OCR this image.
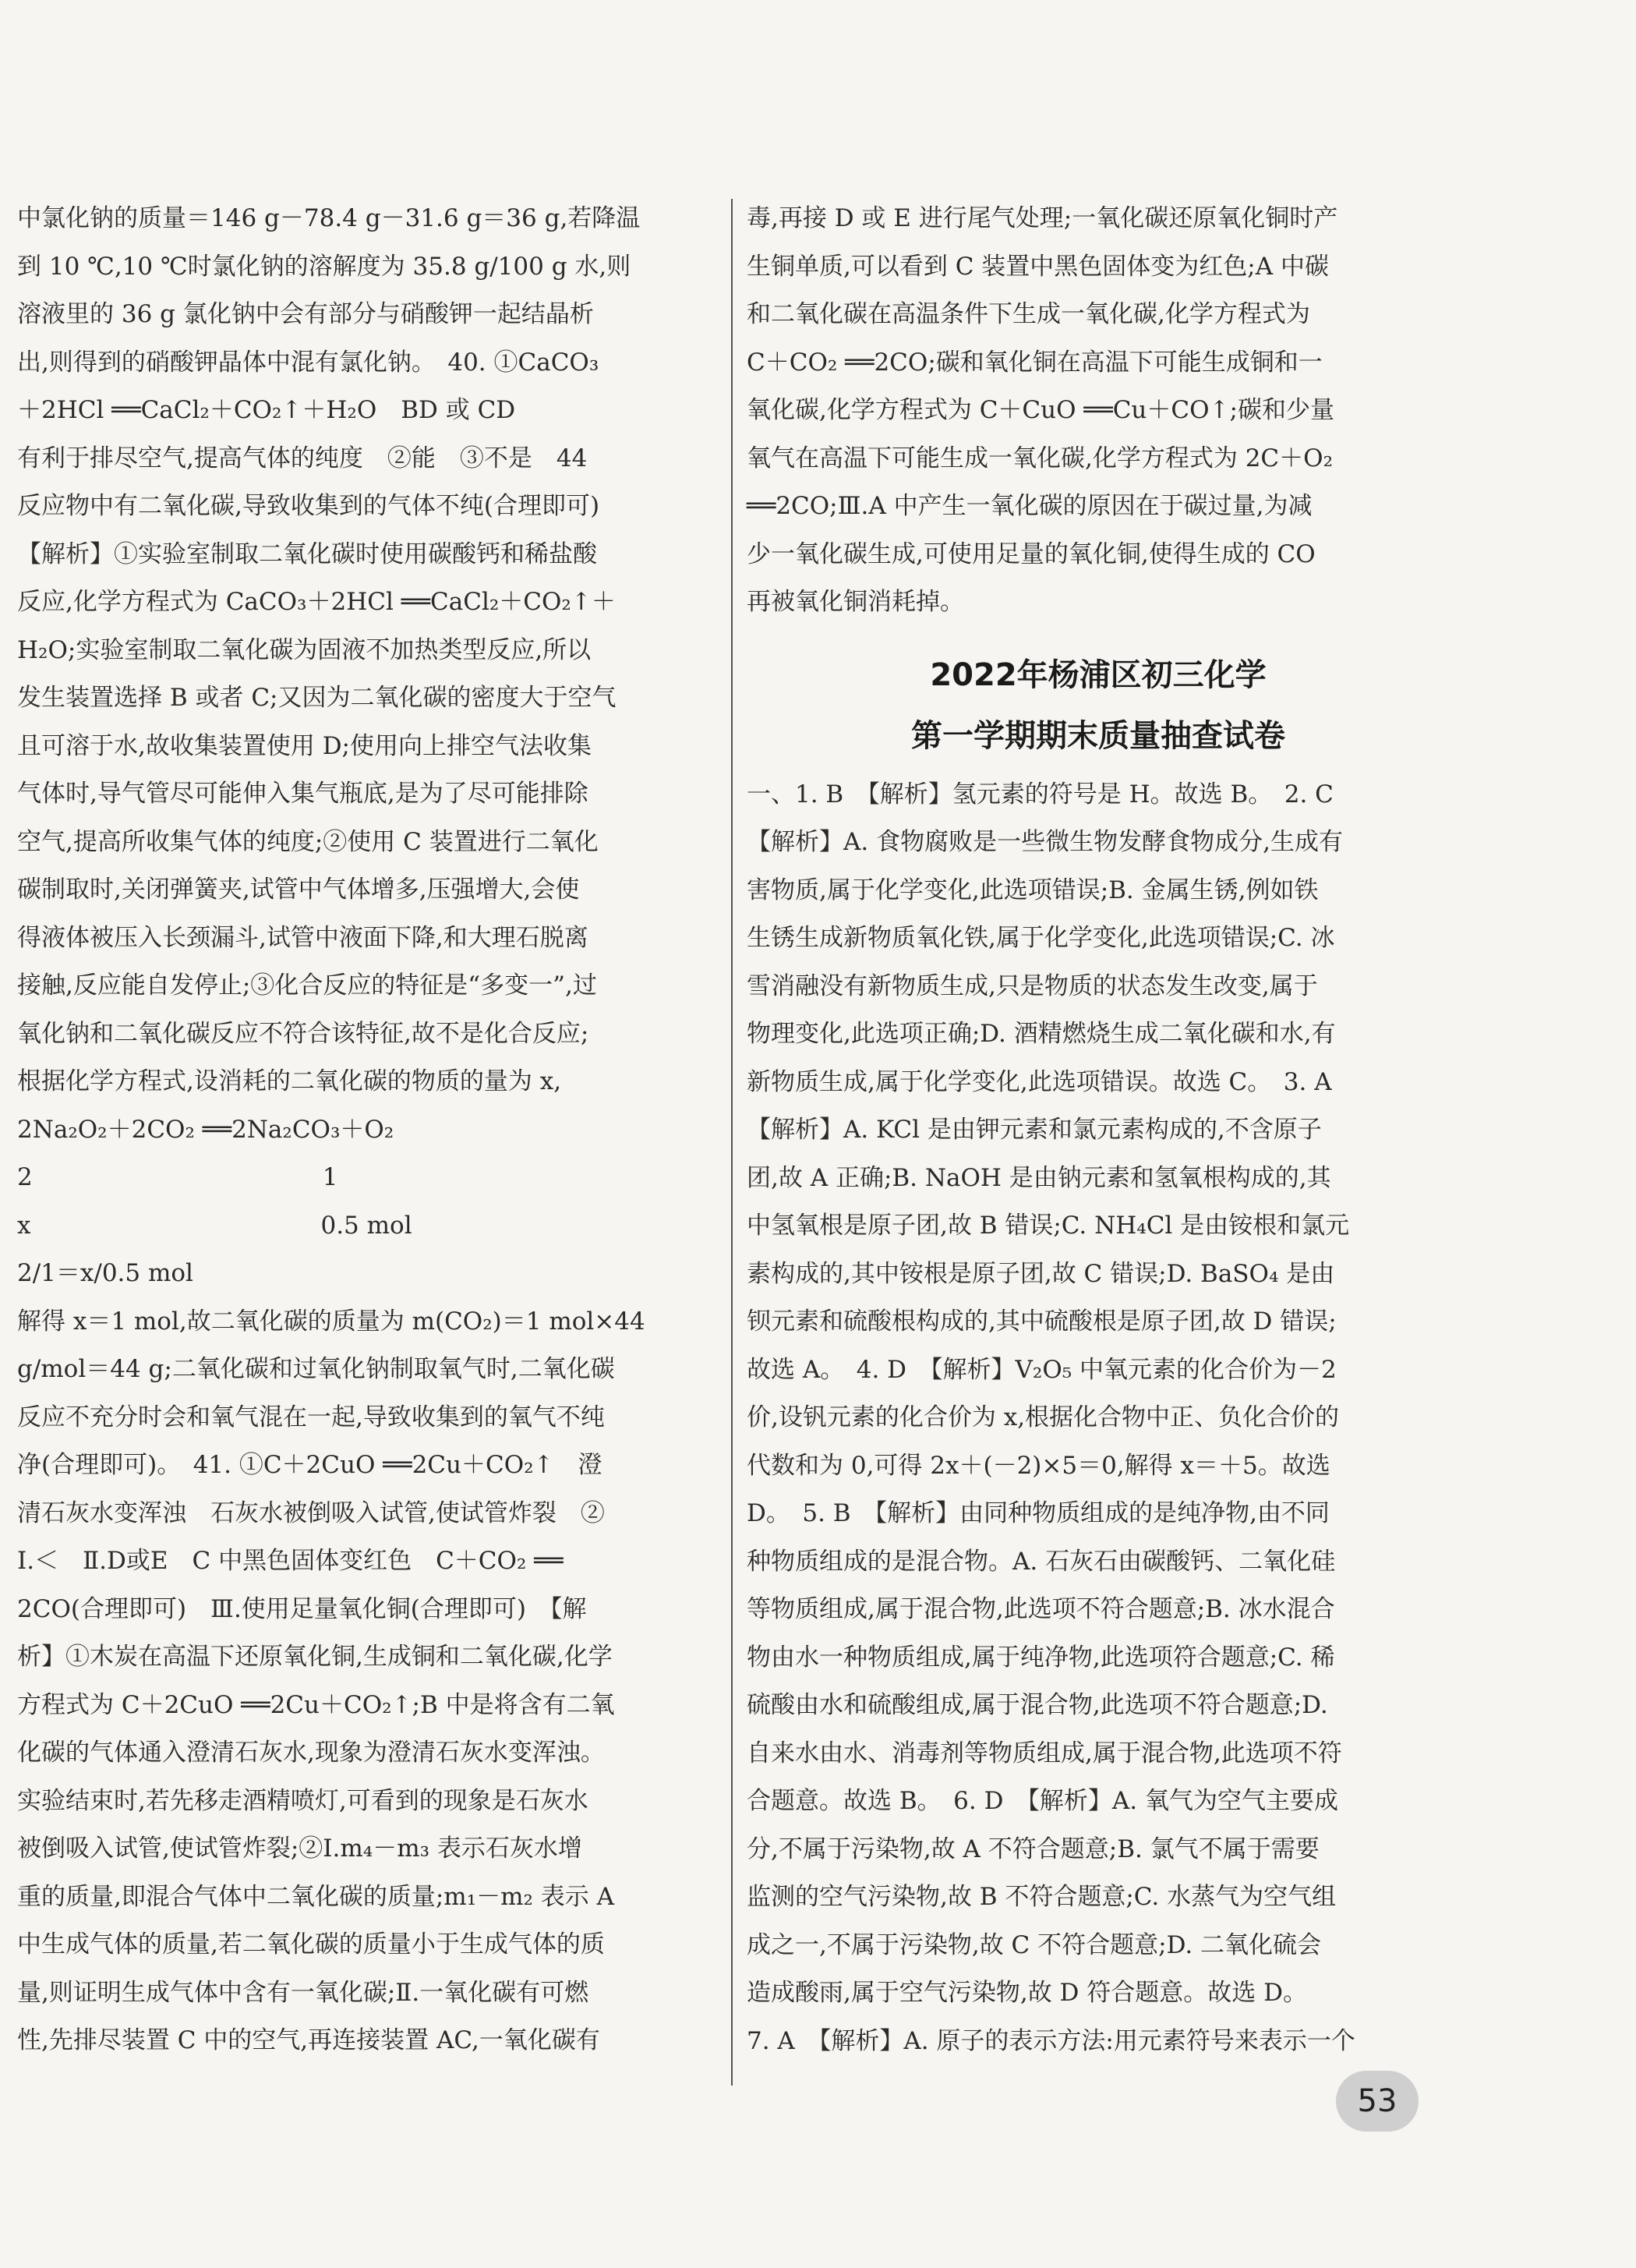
中氯化钠的质量＝146 g－78.4 g－31.6 g＝36 g,若降温
到 10 ℃,10 ℃时氯化钠的溶解度为 35.8 g/100 g 水,则
溶液里的 36 g 氯化钠中会有部分与硝酸钾一起结晶析
出,则得到的硝酸钾晶体中混有氯化钠。　40. ①CaCO₃
＋2HCl ══CaCl₂＋CO₂↑＋H₂O　BD 或 CD
有利于排尽空气,提高气体的纯度　②能　③不是　44
反应物中有二氧化碳,导致收集到的气体不纯(合理即可)
【解析】①实验室制取二氧化碳时使用碳酸钙和稀盐酸
反应,化学方程式为 CaCO₃＋2HCl ══CaCl₂＋CO₂↑＋
H₂O;实验室制取二氧化碳为固液不加热类型反应,所以
发生装置选择 B 或者 C;又因为二氧化碳的密度大于空气
且可溶于水,故收集装置使用 D;使用向上排空气法收集
气体时,导气管尽可能伸入集气瓶底,是为了尽可能排除
空气,提高所收集气体的纯度;②使用 C 装置进行二氧化
碳制取时,关闭弹簧夹,试管中气体增多,压强增大,会使
得液体被压入长颈漏斗,试管中液面下降,和大理石脱离
接触,反应能自发停止;③化合反应的特征是“多变一”,过
氧化钠和二氧化碳反应不符合该特征,故不是化合反应;
根据化学方程式,设消耗的二氧化碳的物质的量为 x,
2Na₂O₂＋2CO₂ ══2Na₂CO₃＋O₂
2　　　　　　　　　　　　1
x　　　　　　　　　　　　0.5 mol
2/1＝x/0.5 mol
解得 x＝1 mol,故二氧化碳的质量为 m(CO₂)＝1 mol×44
g/mol＝44 g;二氧化碳和过氧化钠制取氧气时,二氧化碳
反应不充分时会和氧气混在一起,导致收集到的氧气不纯
净(合理即可)。　41. ①C＋2CuO ══2Cu＋CO₂↑　澄
清石灰水变浑浊　石灰水被倒吸入试管,使试管炸裂　②
Ⅰ.＜　Ⅱ.D或E　C 中黑色固体变红色　C＋CO₂ ══
2CO(合理即可)　Ⅲ.使用足量氧化铜(合理即可)　【解
析】①木炭在高温下还原氧化铜,生成铜和二氧化碳,化学
方程式为 C＋2CuO ══2Cu＋CO₂↑;B 中是将含有二氧
化碳的气体通入澄清石灰水,现象为澄清石灰水变浑浊。
实验结束时,若先移走酒精喷灯,可看到的现象是石灰水
被倒吸入试管,使试管炸裂;②Ⅰ.m₄－m₃ 表示石灰水增
重的质量,即混合气体中二氧化碳的质量;m₁－m₂ 表示 A
中生成气体的质量,若二氧化碳的质量小于生成气体的质
量,则证明生成气体中含有一氧化碳;Ⅱ.一氧化碳有可燃
性,先排尽装置 C 中的空气,再连接装置 AC,一氧化碳有
毒,再接 D 或 E 进行尾气处理;一氧化碳还原氧化铜时产
生铜单质,可以看到 C 装置中黑色固体变为红色;A 中碳
和二氧化碳在高温条件下生成一氧化碳,化学方程式为
C＋CO₂ ══2CO;碳和氧化铜在高温下可能生成铜和一
氧化碳,化学方程式为 C＋CuO ══Cu＋CO↑;碳和少量
氧气在高温下可能生成一氧化碳,化学方程式为 2C＋O₂
══2CO;Ⅲ.A 中产生一氧化碳的原因在于碳过量,为减
少一氧化碳生成,可使用足量的氧化铜,使得生成的 CO
再被氧化铜消耗掉。
2022年杨浦区初三化学
第一学期期末质量抽查试卷
一、1. B　【解析】氢元素的符号是 H。故选 B。　2. C
【解析】A. 食物腐败是一些微生物发酵食物成分,生成有
害物质,属于化学变化,此选项错误;B. 金属生锈,例如铁
生锈生成新物质氧化铁,属于化学变化,此选项错误;C. 冰
雪消融没有新物质生成,只是物质的状态发生改变,属于
物理变化,此选项正确;D. 酒精燃烧生成二氧化碳和水,有
新物质生成,属于化学变化,此选项错误。故选 C。　3. A
【解析】A. KCl 是由钾元素和氯元素构成的,不含原子
团,故 A 正确;B. NaOH 是由钠元素和氢氧根构成的,其
中氢氧根是原子团,故 B 错误;C. NH₄Cl 是由铵根和氯元
素构成的,其中铵根是原子团,故 C 错误;D. BaSO₄ 是由
钡元素和硫酸根构成的,其中硫酸根是原子团,故 D 错误;
故选 A。　4. D　【解析】V₂O₅ 中氧元素的化合价为－2
价,设钒元素的化合价为 x,根据化合物中正、负化合价的
代数和为 0,可得 2x＋(－2)×5＝0,解得 x＝＋5。故选
D。　5. B　【解析】由同种物质组成的是纯净物,由不同
种物质组成的是混合物。A. 石灰石由碳酸钙、二氧化硅
等物质组成,属于混合物,此选项不符合题意;B. 冰水混合
物由水一种物质组成,属于纯净物,此选项符合题意;C. 稀
硫酸由水和硫酸组成,属于混合物,此选项不符合题意;D.
自来水由水、消毒剂等物质组成,属于混合物,此选项不符
合题意。故选 B。　6. D　【解析】A. 氧气为空气主要成
分,不属于污染物,故 A 不符合题意;B. 氯气不属于需要
监测的空气污染物,故 B 不符合题意;C. 水蒸气为空气组
成之一,不属于污染物,故 C 不符合题意;D. 二氧化硫会
造成酸雨,属于空气污染物,故 D 符合题意。故选 D。
7. A　【解析】A. 原子的表示方法:用元素符号来表示一个
53
